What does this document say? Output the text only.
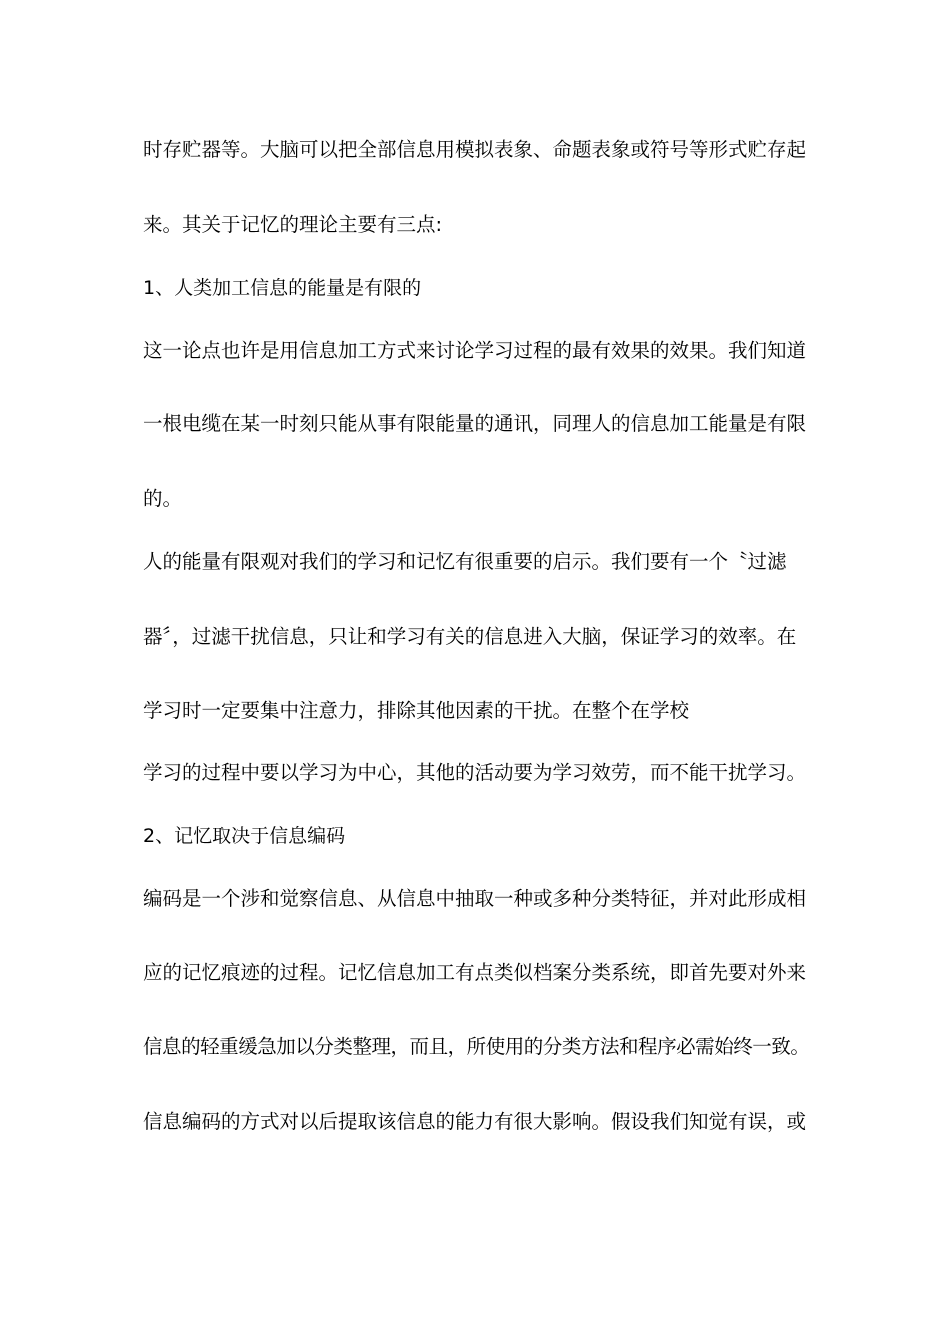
时存贮器等。大脑可以把全部信息用模拟表象、命题表象或符号等形式贮存起
来。其关于记忆的理论主要有三点:
1、人类加工信息的能量是有限的
这一论点也许是用信息加工方式来讨论学习过程的最有效果的效果。我们知道
一根电缆在某一时刻只能从事有限能量的通讯，同理人的信息加工能量是有限
的。
人的能量有限观对我们的学习和记忆有很重要的启示。我们要有一个〝过滤
器〞，过滤干扰信息，只让和学习有关的信息进入大脑，保证学习的效率。在
学习时一定要集中注意力，排除其他因素的干扰。在整个在学校
学习的过程中要以学习为中心，其他的活动要为学习效劳，而不能干扰学习。
2、记忆取决于信息编码
编码是一个涉和觉察信息、从信息中抽取一种或多种分类特征，并对此形成相
应的记忆痕迹的过程。记忆信息加工有点类似档案分类系统，即首先要对外来
信息的轻重缓急加以分类整理，而且，所使用的分类方法和程序必需始终一致。
信息编码的方式对以后提取该信息的能力有很大影响。假设我们知觉有误，或
